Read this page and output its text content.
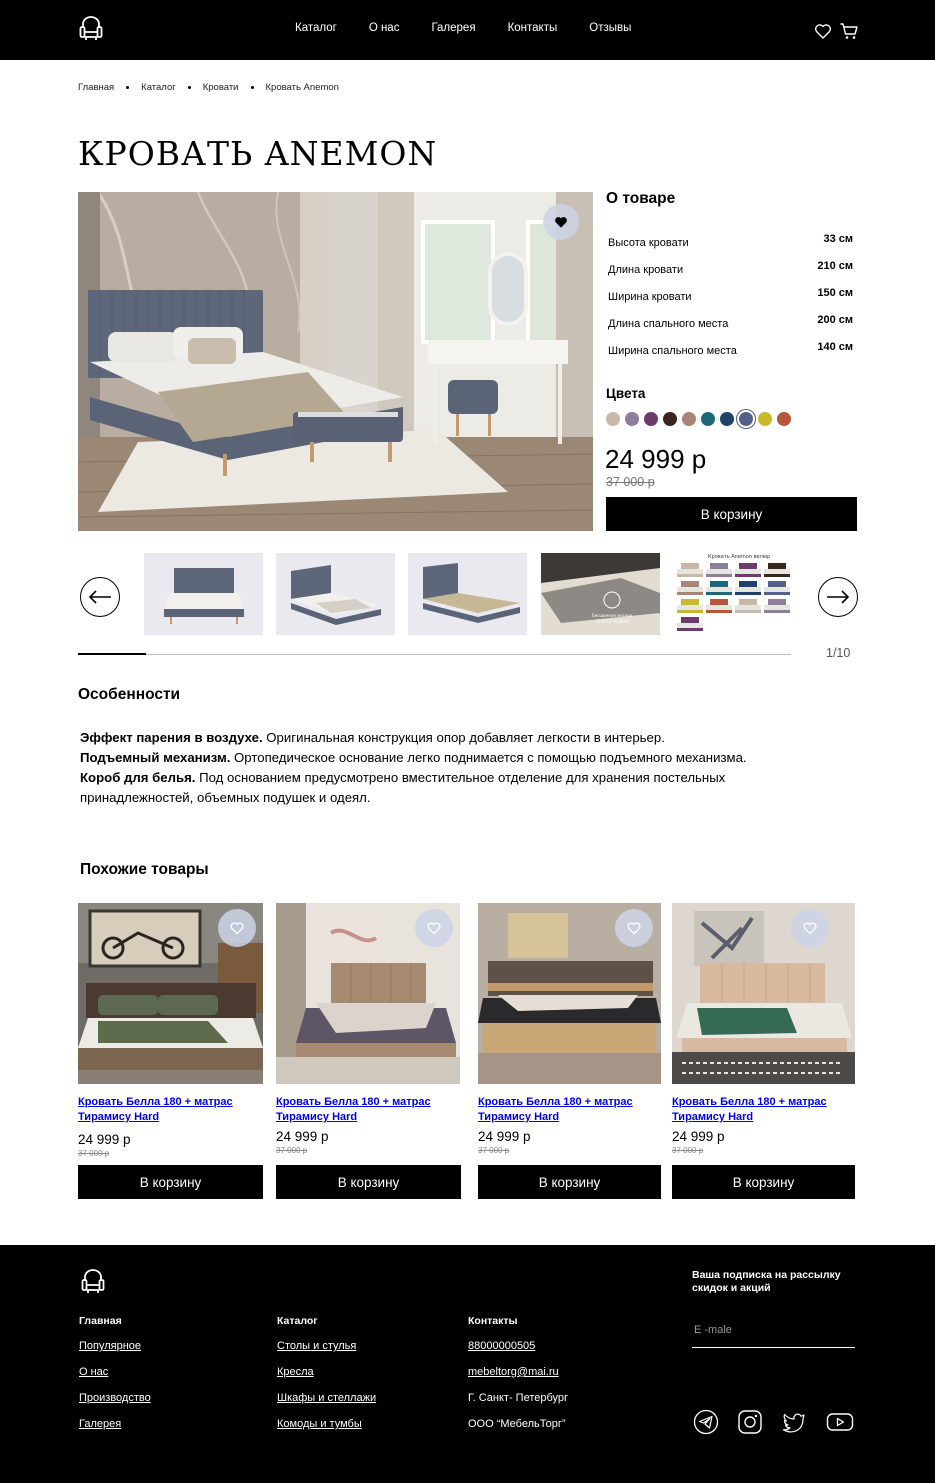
Каталог	О нас	Галерея	Контакты	Отзывы
Главная	Каталог	Кровати	Кровать Anemon
КРОВАТЬ ANEMON
О товаре
Высота кровати	33 см
Длина кровати	210 см
Ширина кровати	150 см
Длина спального места	200 см
Ширина спального места	140 см
Цвета
24 999 р
37 000 р
В корзину
Бесшумное мягкое
ЛЕГКАЯ УБОРКА
Кровать Anemon велюр
1/10
Особенности

Эффект парения в воздухе. Оригинальная конструкция опор добавляет легкости в интерьер.

Подъемный механизм. Ортопедическое основание легко поднимается с помощью подъемного механизма.

Короб для белья. Под основанием предусмотрено вместительное отделение для хранения постельных принадлежностей, объемных подушек и одеял.

Похожие товары
Кровать Белла 180 + матрас Тирамису Hard
24 999 р
37 000 р
В корзину
Кровать Белла 180 + матрас Тирамису Hard
24 999 р
37 000 р
В корзину
Кровать Белла 180 + матрас Тирамису Hard
24 999 р
37 000 р
В корзину
Кровать Белла 180 + матрас Тирамису Hard
24 999 р
37 000 р
В корзину
Главная
Популярное
О нас
Производство
Галерея
Каталог
Столы и стулья
Кресла
Шкафы и стеллажи
Комоды и тумбы
Контакты
88000000505
mebeltorg@mai.ru
Г. Санкт- Петербург
ООО “МебельТорг”
Ваша подписка на рассылку скидок и акций
E -male
